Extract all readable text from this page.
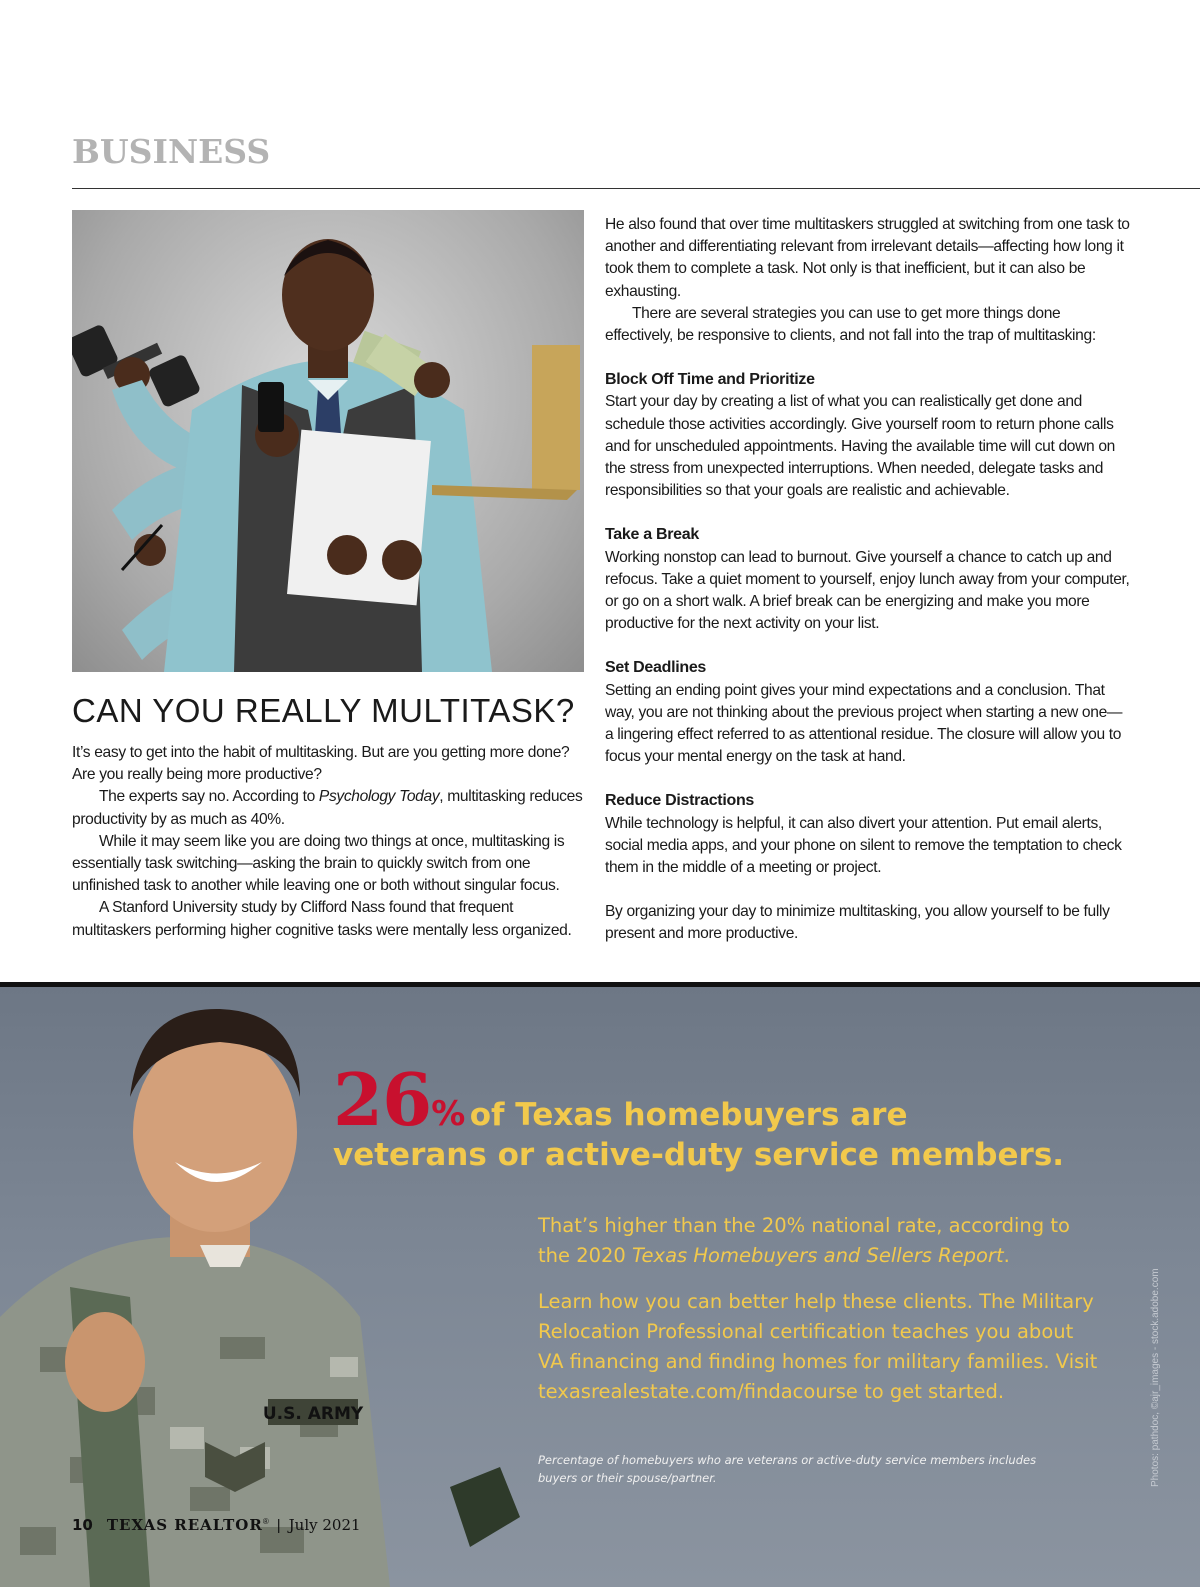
BUSINESS
CAN YOU REALLY MULTITASK?

It’s easy to get into the habit of multitasking. But are you getting more done? Are you really being more productive?

The experts say no. According to Psychology Today, multitasking reduces productivity by as much as 40%.

While it may seem like you are doing two things at once, multitasking is essentially task switching—asking the brain to quickly switch from one unfinished task to another while leaving one or both without singular focus.

A Stanford University study by Clifford Nass found that frequent multitaskers performing higher cognitive tasks were mentally less organized.

He also found that over time multitaskers struggled at switching from one task to another and differentiating relevant from irrelevant details—affecting how long it took them to complete a task. Not only is that inefficient, but it can also be exhausting.

There are several strategies you can use to get more things done effectively, be responsive to clients, and not fall into the trap of multitasking:

Block Off Time and Prioritize

Start your day by creating a list of what you can realistically get done and schedule those activities accordingly. Give yourself room to return phone calls and for unscheduled appointments. Having the available time will cut down on the stress from unexpected interruptions. When needed, delegate tasks and responsibilities so that your goals are realistic and achievable.

Take a Break

Working nonstop can lead to burnout. Give yourself a chance to catch up and refocus. Take a quiet moment to yourself, enjoy lunch away from your computer, or go on a short walk. A brief break can be energizing and make you more productive for the next activity on your list.

Set Deadlines

Setting an ending point gives your mind expectations and a conclusion. That way, you are not thinking about the previous project when starting a new one—a lingering effect referred to as attentional residue. The closure will allow you to focus your mental energy on the task at hand.

Reduce Distractions

While technology is helpful, it can also divert your attention. Put email alerts, social media apps, and your phone on silent to remove the temptation to check them in the middle of a meeting or project.

By organizing your day to minimize multitasking, you allow yourself to be fully present and more productive.

U.S. ARMY

26% of Texas homebuyers are

veterans or active-duty service members.

That’s higher than the 20% national rate, according to the 2020 Texas Homebuyers and Sellers Report.

Learn how you can better help these clients. The Military Relocation Professional certification teaches you about VA financing and finding homes for military families. Visit texasrealestate.com/findacourse to get started.

Percentage of homebuyers who are veterans or active-duty service members includes buyers or their spouse/partner.	Photos: pathdoc, ©ajr_images - stock.adobe.com

10 TEXAS REALTOR® | July 2021
